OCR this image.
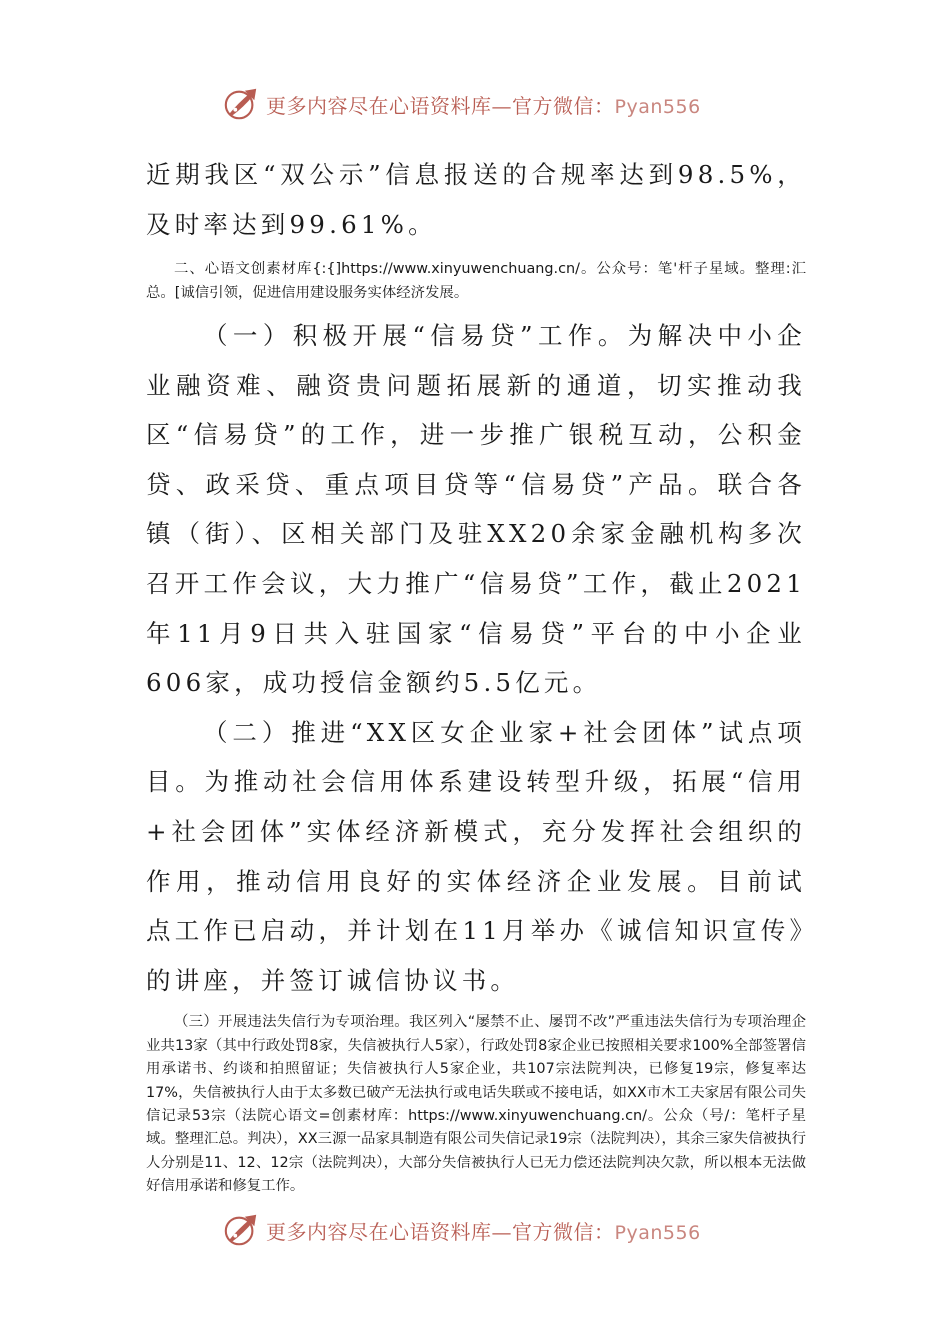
更多内容尽在心语资料库—官方微信：Pyan556

近期我区“双公示”信息报送的合规率达到98.5%，及时率达到99.61%。

二、心语文创素材库{:{]https://www.xinyuwenchuang.cn/。公众号：笔'杆子星域。整理:汇总。[诚信引领，促进信用建设服务实体经济发展。

（一）积极开展“信易贷”工作。为解决中小企业融资难、融资贵问题拓展新的通道，切实推动我区“信易贷”的工作，进一步推广银税互动，公积金贷、政采贷、重点项目贷等“信易贷”产品。联合各镇（街）、区相关部门及驻XX20余家金融机构多次召开工作会议，大力推广“信易贷”工作，截止2021年11月9日共入驻国家“信易贷”平台的中小企业606家，成功授信金额约5.5亿元。

（二）推进“XX区女企业家+社会团体”试点项目。为推动社会信用体系建设转型升级，拓展“信用+社会团体”实体经济新模式，充分发挥社会组织的作用，推动信用良好的实体经济企业发展。目前试点工作已启动，并计划在11月举办《诚信知识宣传》的讲座，并签订诚信协议书。

（三）开展违法失信行为专项治理。我区列入“屡禁不止、屡罚不改”严重违法失信行为专项治理企业共13家（其中行政处罚8家，失信被执行人5家），行政处罚8家企业已按照相关要求100%全部签署信用承诺书、约谈和拍照留证；失信被执行人5家企业，共107宗法院判决，已修复19宗，修复率达17%，失信被执行人由于太多数已破产无法执行或电话失联或不接电话，如XX市木工夫家居有限公司失信记录53宗（法院心语文=创素材库：https://www.xinyuwenchuang.cn/。公众（号/：笔杆子星域。整理汇总。判决），XX三源一品家具制造有限公司失信记录19宗（法院判决），其余三家失信被执行人分别是11、12、12宗（法院判决），大部分失信被执行人已无力偿还法院判决欠款，所以根本无法做好信用承诺和修复工作。

更多内容尽在心语资料库—官方微信：Pyan556
